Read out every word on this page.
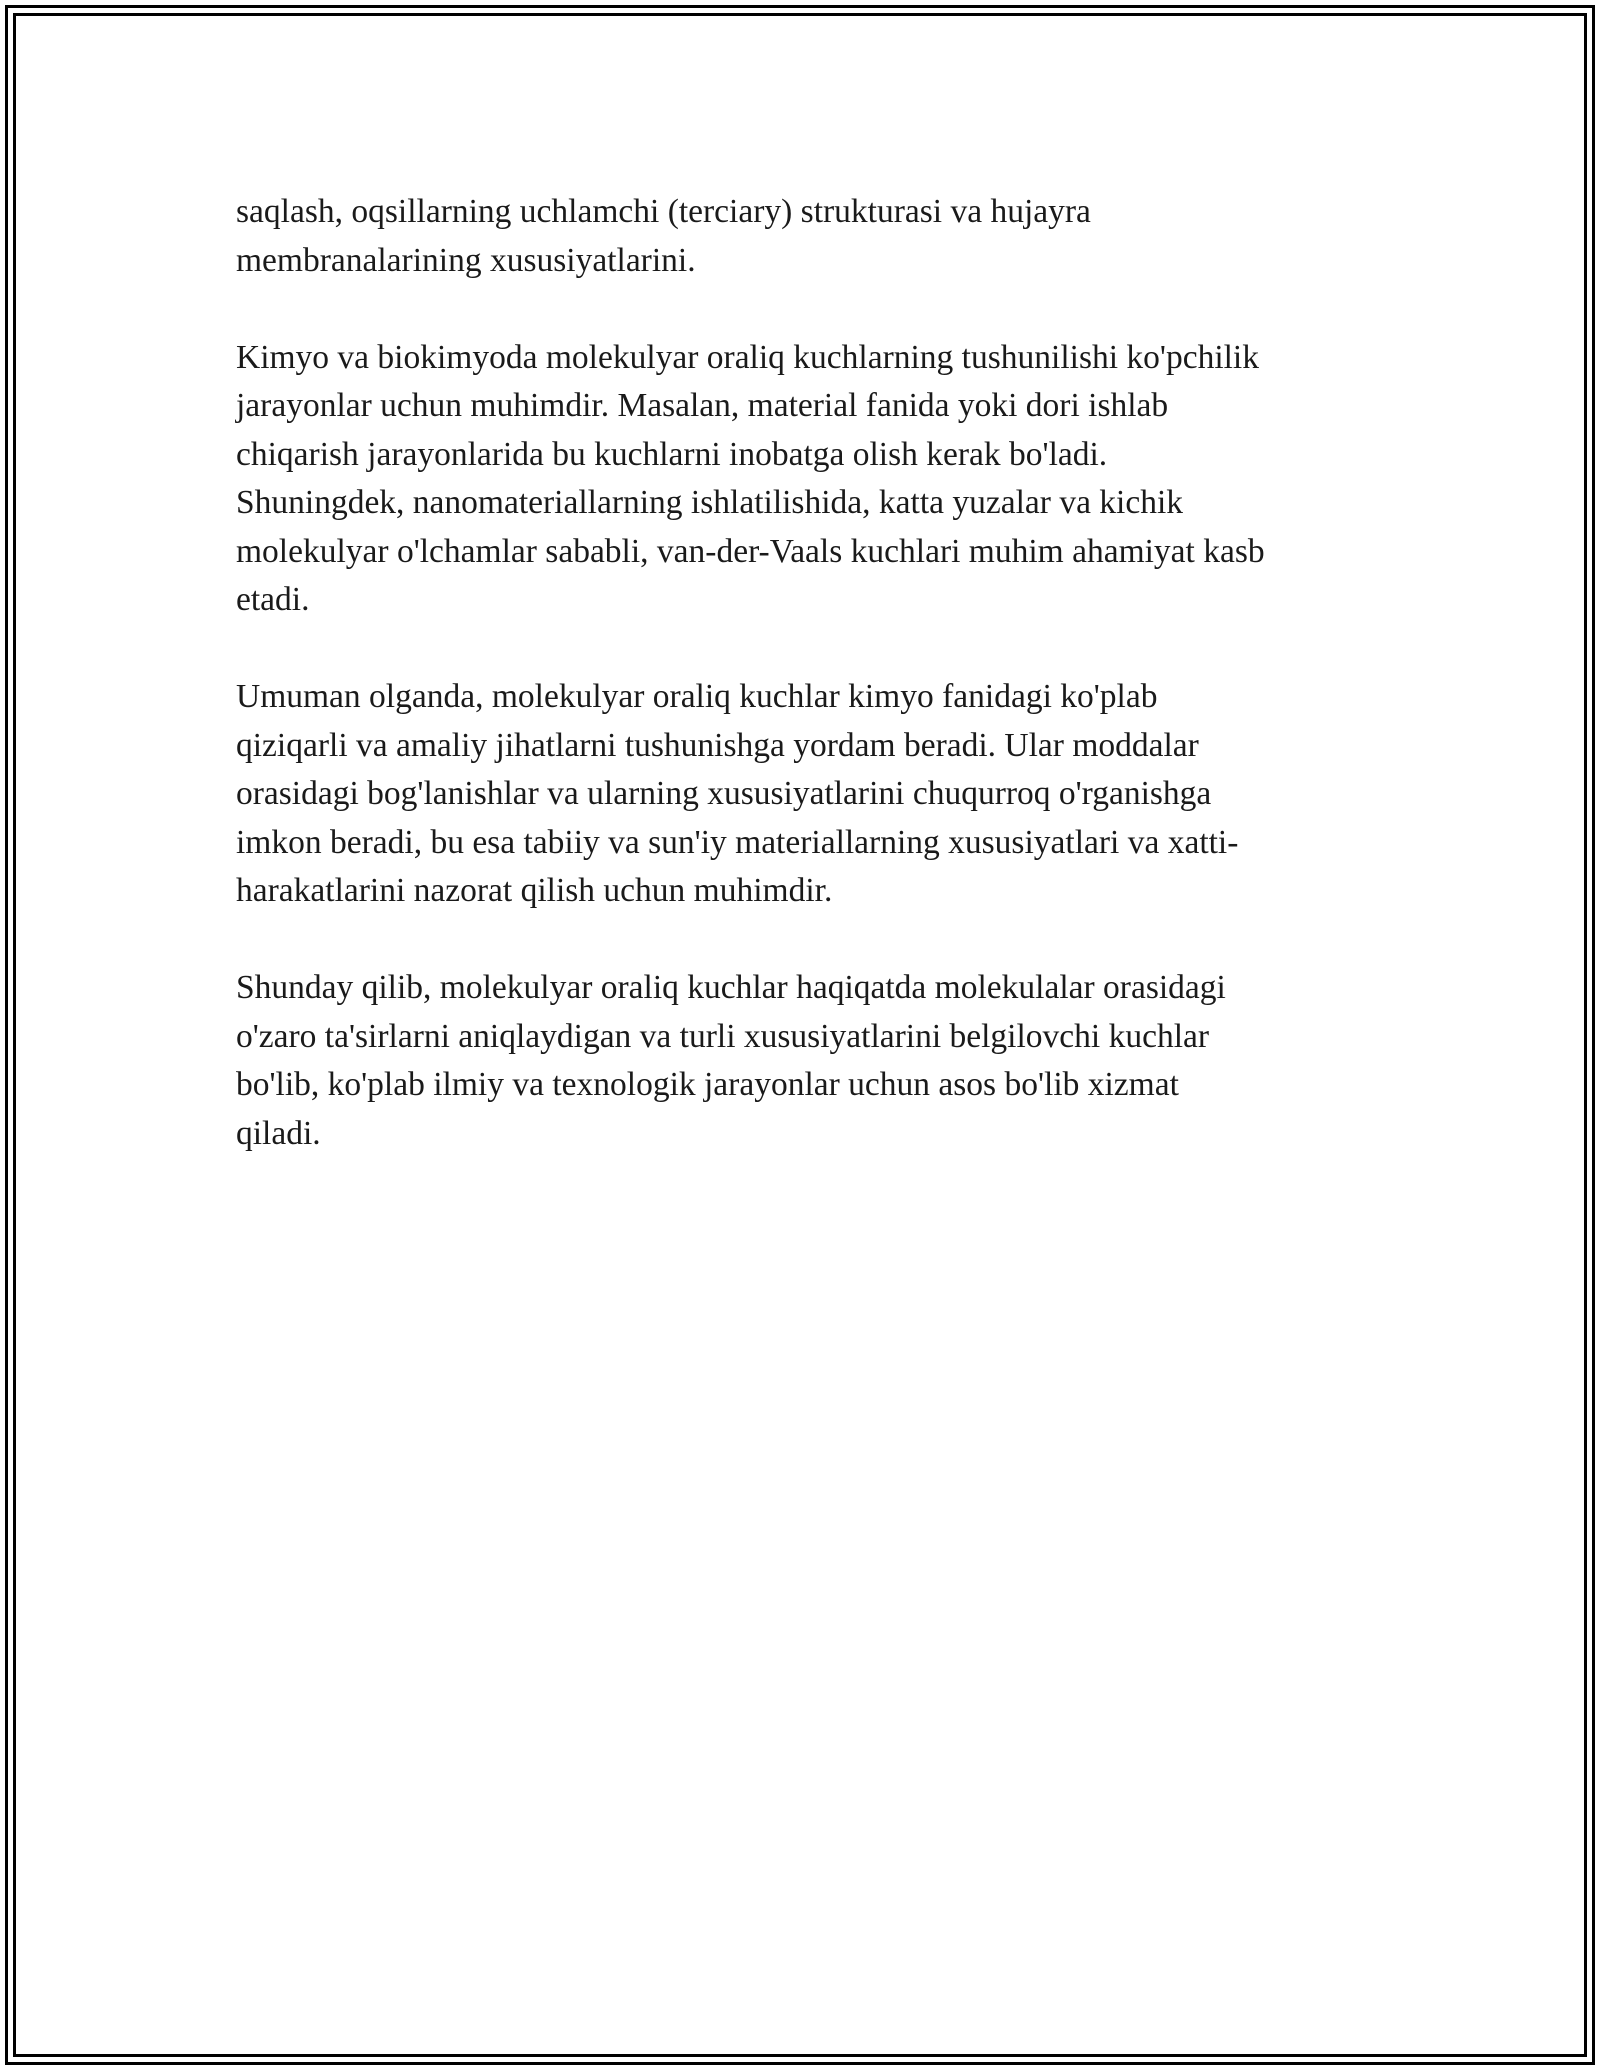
saqlash, oqsillarning uchlamchi (terciary) strukturasi va hujayra
membranalarining xususiyatlarini.

Kimyo va biokimyoda molekulyar oraliq kuchlarning tushunilishi ko'pchilik
jarayonlar uchun muhimdir. Masalan, material fanida yoki dori ishlab
chiqarish jarayonlarida bu kuchlarni inobatga olish kerak bo'ladi.
Shuningdek, nanomateriallarning ishlatilishida, katta yuzalar va kichik
molekulyar o'lchamlar sababli, van-der-Vaals kuchlari muhim ahamiyat kasb
etadi.

Umuman olganda, molekulyar oraliq kuchlar kimyo fanidagi ko'plab
qiziqarli va amaliy jihatlarni tushunishga yordam beradi. Ular moddalar
orasidagi bog'lanishlar va ularning xususiyatlarini chuqurroq o'rganishga
imkon beradi, bu esa tabiiy va sun'iy materiallarning xususiyatlari va xatti-
harakatlarini nazorat qilish uchun muhimdir.

Shunday qilib, molekulyar oraliq kuchlar haqiqatda molekulalar orasidagi
o'zaro ta'sirlarni aniqlaydigan va turli xususiyatlarini belgilovchi kuchlar
bo'lib, ko'plab ilmiy va texnologik jarayonlar uchun asos bo'lib xizmat
qiladi.
